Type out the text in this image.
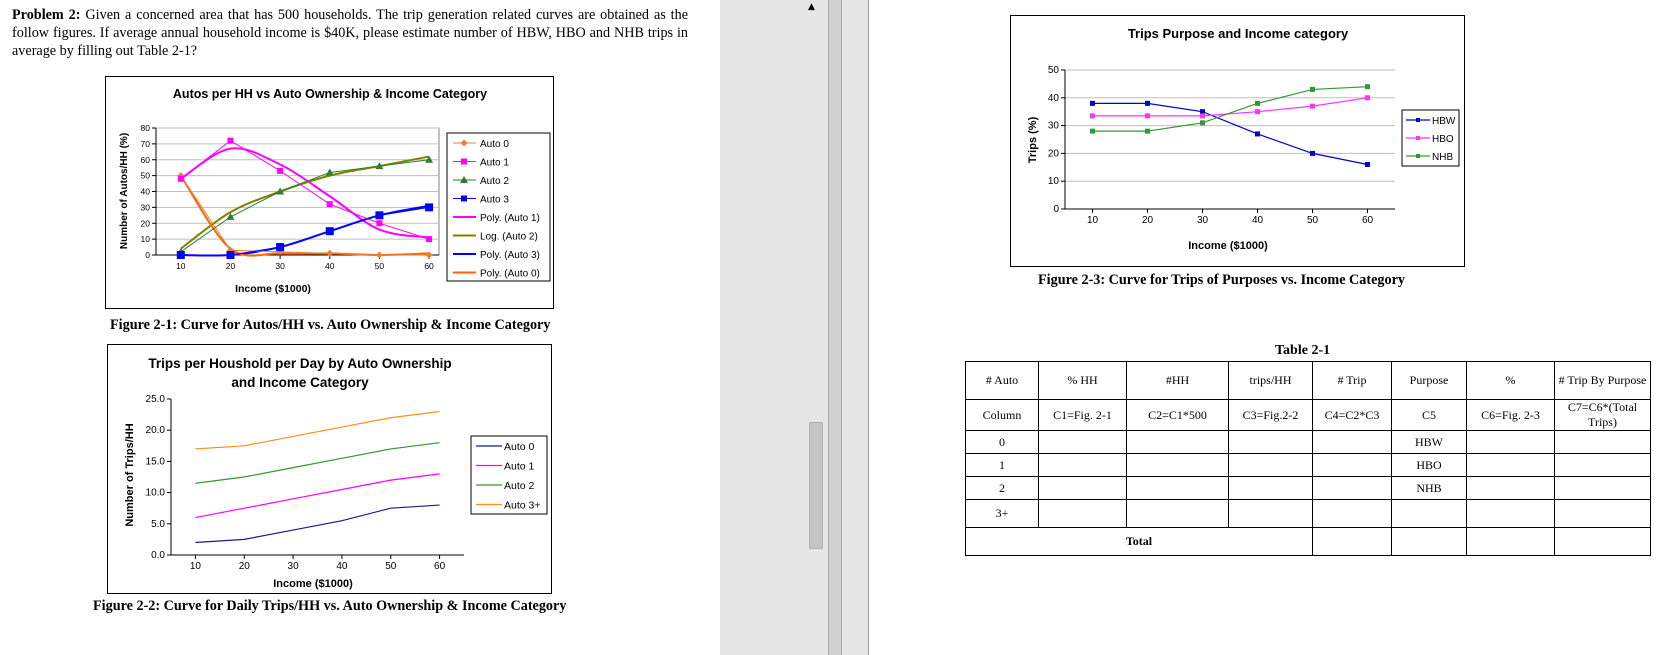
Problem 2: Given a concerned area that has 500 households. The trip generation related curves are obtained as the follow figures. If average annual household income is $40K, please estimate number of HBW, HBO and NHB trips in average by filling out Table 2-1?
Autos per HH vs Auto Ownership & Income Category
0
10
20
30
40
50
60
70
80
10	20	30	40	50	60
Income ($1000)
Number of Autos/HH (%)	Auto 0
Auto 1
Auto 2
Auto 3
Poly. (Auto 1)
Log. (Auto 2)
Poly. (Auto 3)
Poly. (Auto 0)
Figure 2-1: Curve for Autos/HH vs. Auto Ownership & Income Category
Trips per Houshold per Day by Auto Ownership
and Income Category
0.0
5.0
10.0
15.0
20.0
25.0
10	20	30	40	50	60
Income ($1000)
Number of Trips/HH	Auto 0
Auto 1
Auto 2
Auto 3+
Figure 2-2: Curve for Daily Trips/HH vs. Auto Ownership & Income Category
▲
Trips Purpose and Income category
0
10
20
30
40
50
10	20	30	40	50	60
Income ($1000)
Trips (%)	HBW
HBO
NHB
Figure 2-3: Curve for Trips of Purposes vs. Income Category
Table 2-1
# Auto	% HH	#HH	trips/HH	# Trip	Purpose	%	# Trip By Purpose
Column	C1=Fig. 2-1	C2=C1*500	C3=Fig.2-2	C4=C2*C3	C5	C6=Fig. 2-3	C7=C6*(Total Trips)
0					HBW		
1					HBO		
2					NHB		
3+							
Total							
